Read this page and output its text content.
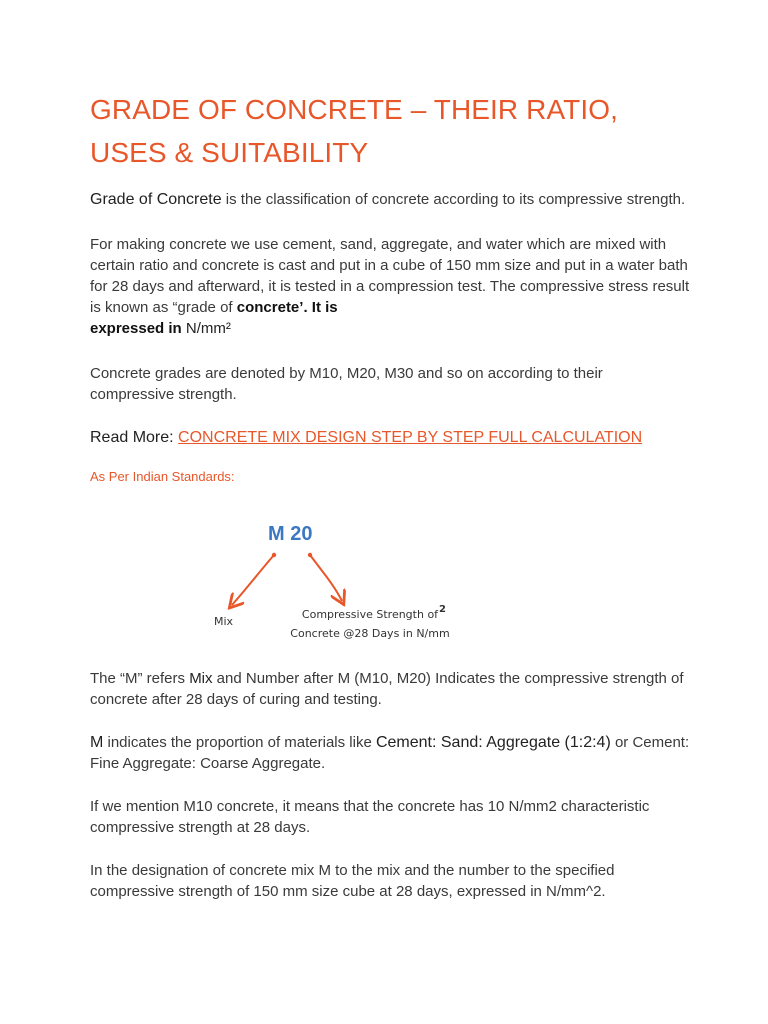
GRADE OF CONCRETE – THEIR RATIO, USES & SUITABILITY

Grade of Concrete is the classification of concrete according to its compressive strength.

For making concrete we use cement, sand, aggregate, and water which are mixed with certain ratio and concrete is cast and put in a cube of 150 mm size and put in a water bath for 28 days and afterward, it is tested in a compression test. The compressive stress result is known as “grade of concrete’. It is
expressed in N/mm²

Concrete grades are denoted by M10, M20, M30 and so on according to their compressive strength.

Read More: CONCRETE MIX DESIGN STEP BY STEP FULL CALCULATION

As Per Indian Standards:

M 20
Mix
Compressive Strength of
Concrete @28 Days in N/mm
2

The “M” refers Mix and Number after M (M10, M20) Indicates the compressive strength of concrete after 28 days of curing and testing.

M indicates the proportion of materials like Cement: Sand: Aggregate (1:2:4) or Cement: Fine Aggregate: Coarse Aggregate.

If we mention M10 concrete, it means that the concrete has 10 N/mm2 characteristic compressive strength at 28 days.

In the designation of concrete mix M to the mix and the number to the specified compressive strength of 150 mm size cube at 28 days, expressed in N/mm^2.
